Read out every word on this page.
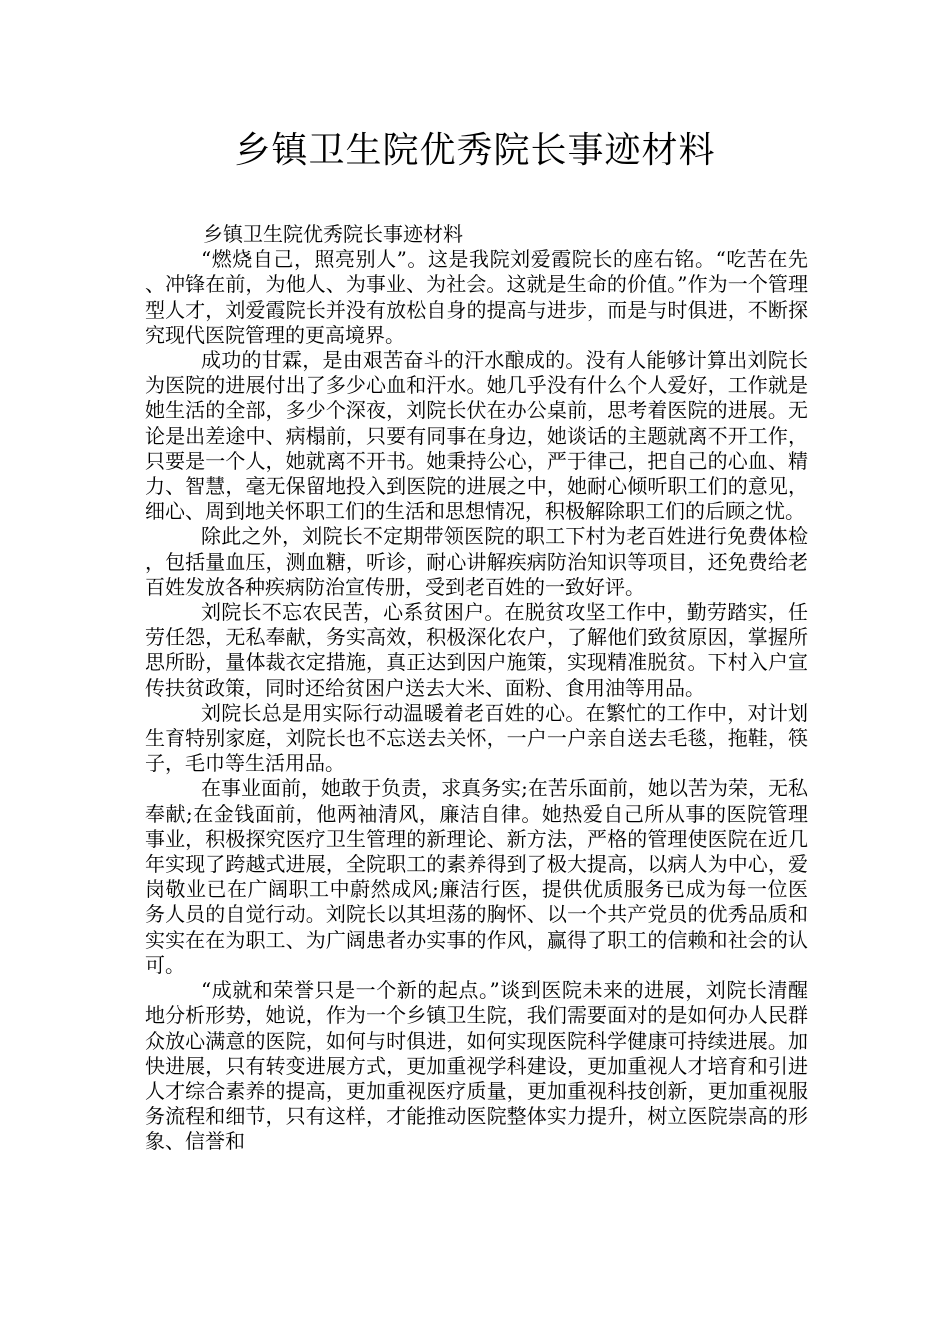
乡镇卫生院优秀院长事迹材料

乡镇卫生院优秀院长事迹材料

“燃烧自己，照亮别人”。这是我院刘爱霞院长的座右铭。“吃苦在先、冲锋在前，为他人、为事业、为社会。这就是生命的价值。”作为一个管理型人才，刘爱霞院长并没有放松自身的提高与进步，而是与时俱进，不断探究现代医院管理的更高境界。

成功的甘霖，是由艰苦奋斗的汗水酿成的。没有人能够计算出刘院长为医院的进展付出了多少心血和汗水。她几乎没有什么个人爱好，工作就是她生活的全部，多少个深夜，刘院长伏在办公桌前，思考着医院的进展。无论是出差途中、病榻前，只要有同事在身边，她谈话的主题就离不开工作，只要是一个人，她就离不开书。她秉持公心，严于律己，把自己的心血、精力、智慧，毫无保留地投入到医院的进展之中，她耐心倾听职工们的意见，细心、周到地关怀职工们的生活和思想情况，积极解除职工们的后顾之忧。

除此之外，刘院长不定期带领医院的职工下村为老百姓进行免费体检，包括量血压，测血糖，听诊，耐心讲解疾病防治知识等项目，还免费给老百姓发放各种疾病防治宣传册，受到老百姓的一致好评。

刘院长不忘农民苦，心系贫困户。在脱贫攻坚工作中，勤劳踏实，任劳任怨，无私奉献，务实高效，积极深化农户，了解他们致贫原因，掌握所思所盼，量体裁衣定措施，真正达到因户施策，实现精准脱贫。下村入户宣传扶贫政策，同时还给贫困户送去大米、面粉、食用油等用品。

刘院长总是用实际行动温暖着老百姓的心。在繁忙的工作中，对计划生育特别家庭，刘院长也不忘送去关怀，一户一户亲自送去毛毯，拖鞋，筷子，毛巾等生活用品。

在事业面前，她敢于负责，求真务实;在苦乐面前，她以苦为荣，无私奉献;在金钱面前，他两袖清风，廉洁自律。她热爱自己所从事的医院管理事业，积极探究医疗卫生管理的新理论、新方法，严格的管理使医院在近几年实现了跨越式进展，全院职工的素养得到了极大提高，以病人为中心，爱岗敬业已在广阔职工中蔚然成风;廉洁行医，提供优质服务已成为每一位医务人员的自觉行动。刘院长以其坦荡的胸怀、以一个共产党员的优秀品质和实实在在为职工、为广阔患者办实事的作风，赢得了职工的信赖和社会的认可。

“成就和荣誉只是一个新的起点。”谈到医院未来的进展，刘院长清醒地分析形势，她说，作为一个乡镇卫生院，我们需要面对的是如何办人民群众放心满意的医院，如何与时俱进，如何实现医院科学健康可持续进展。加快进展，只有转变进展方式，更加重视学科建设，更加重视人才培育和引进人才综合素养的提高，更加重视医疗质量，更加重视科技创新，更加重视服务流程和细节，只有这样，才能推动医院整体实力提升，树立医院崇高的形象、信誉和
